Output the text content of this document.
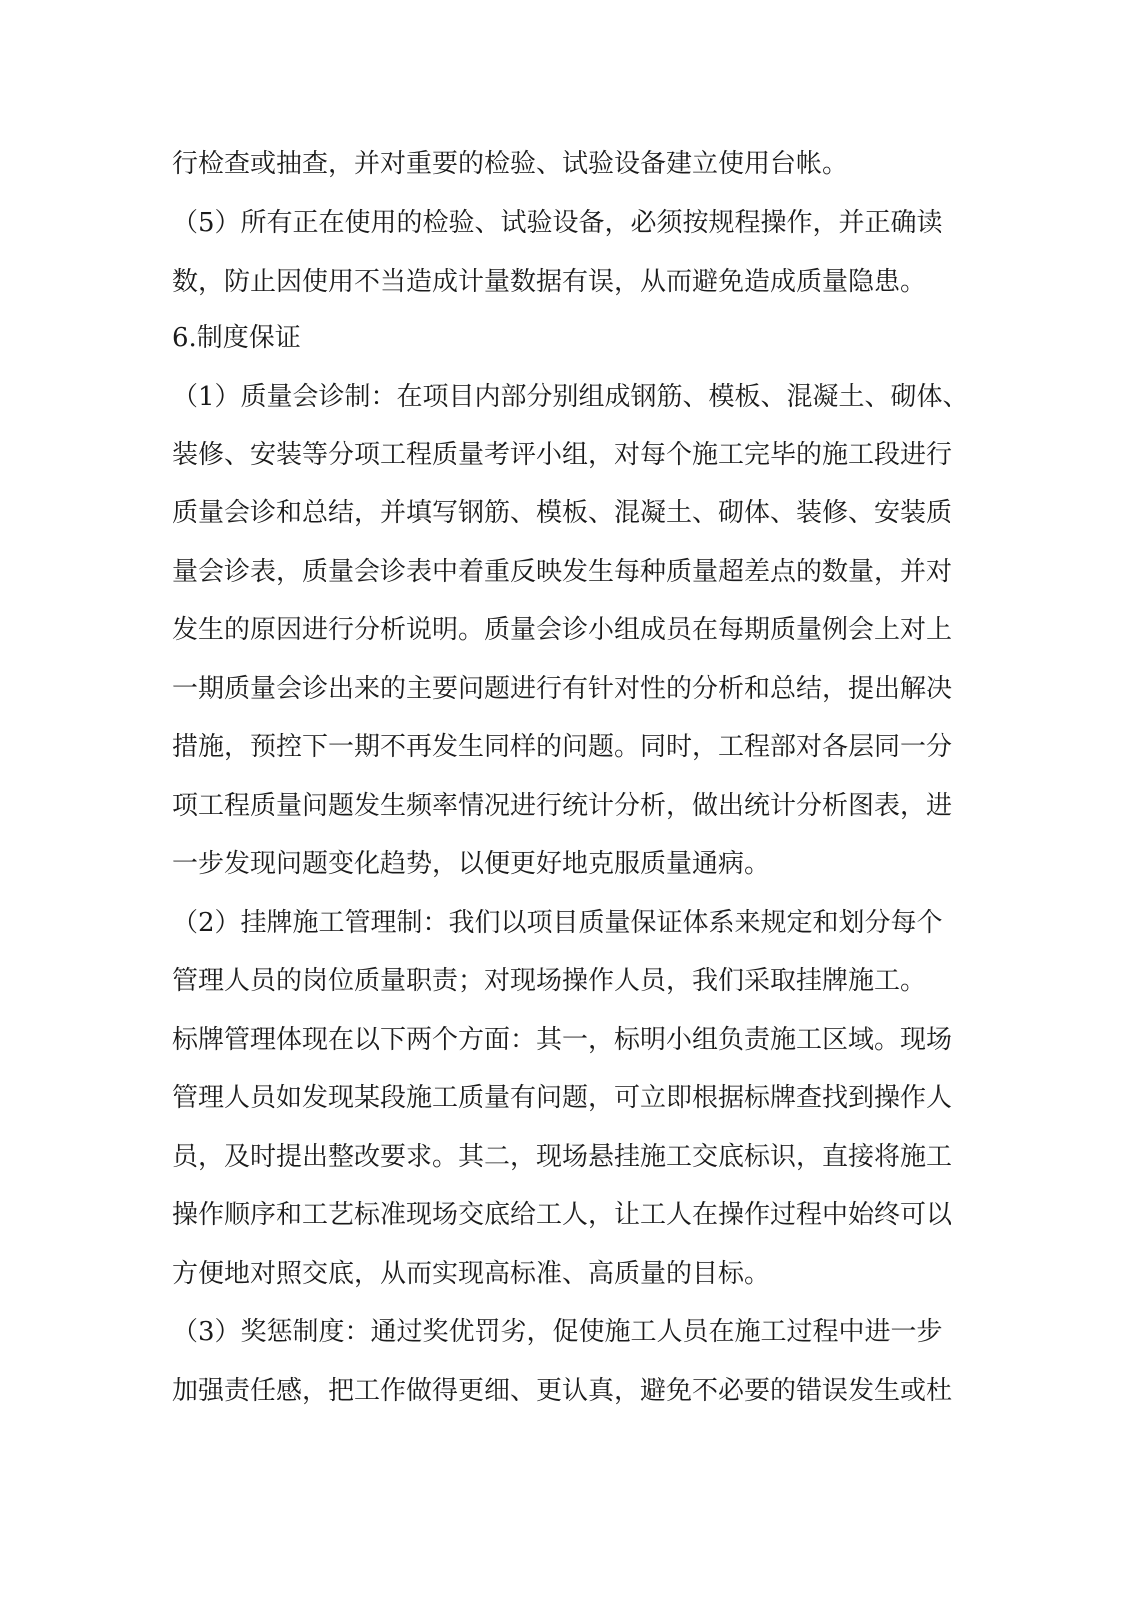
行检查或抽查，并对重要的检验、试验设备建立使用台帐。
（5）所有正在使用的检验、试验设备，必须按规程操作，并正确读
数，防止因使用不当造成计量数据有误，从而避免造成质量隐患。
6.制度保证
（1）质量会诊制：在项目内部分别组成钢筋、模板、混凝土、砌体、
装修、安装等分项工程质量考评小组，对每个施工完毕的施工段进行
质量会诊和总结，并填写钢筋、模板、混凝土、砌体、装修、安装质
量会诊表，质量会诊表中着重反映发生每种质量超差点的数量，并对
发生的原因进行分析说明。质量会诊小组成员在每期质量例会上对上
一期质量会诊出来的主要问题进行有针对性的分析和总结，提出解决
措施，预控下一期不再发生同样的问题。同时，工程部对各层同一分
项工程质量问题发生频率情况进行统计分析，做出统计分析图表，进
一步发现问题变化趋势，以便更好地克服质量通病。
（2）挂牌施工管理制：我们以项目质量保证体系来规定和划分每个
管理人员的岗位质量职责；对现场操作人员，我们采取挂牌施工。
标牌管理体现在以下两个方面：其一，标明小组负责施工区域。现场
管理人员如发现某段施工质量有问题，可立即根据标牌查找到操作人
员，及时提出整改要求。其二，现场悬挂施工交底标识，直接将施工
操作顺序和工艺标准现场交底给工人，让工人在操作过程中始终可以
方便地对照交底，从而实现高标准、高质量的目标。
（3）奖惩制度：通过奖优罚劣，促使施工人员在施工过程中进一步
加强责任感，把工作做得更细、更认真，避免不必要的错误发生或杜
